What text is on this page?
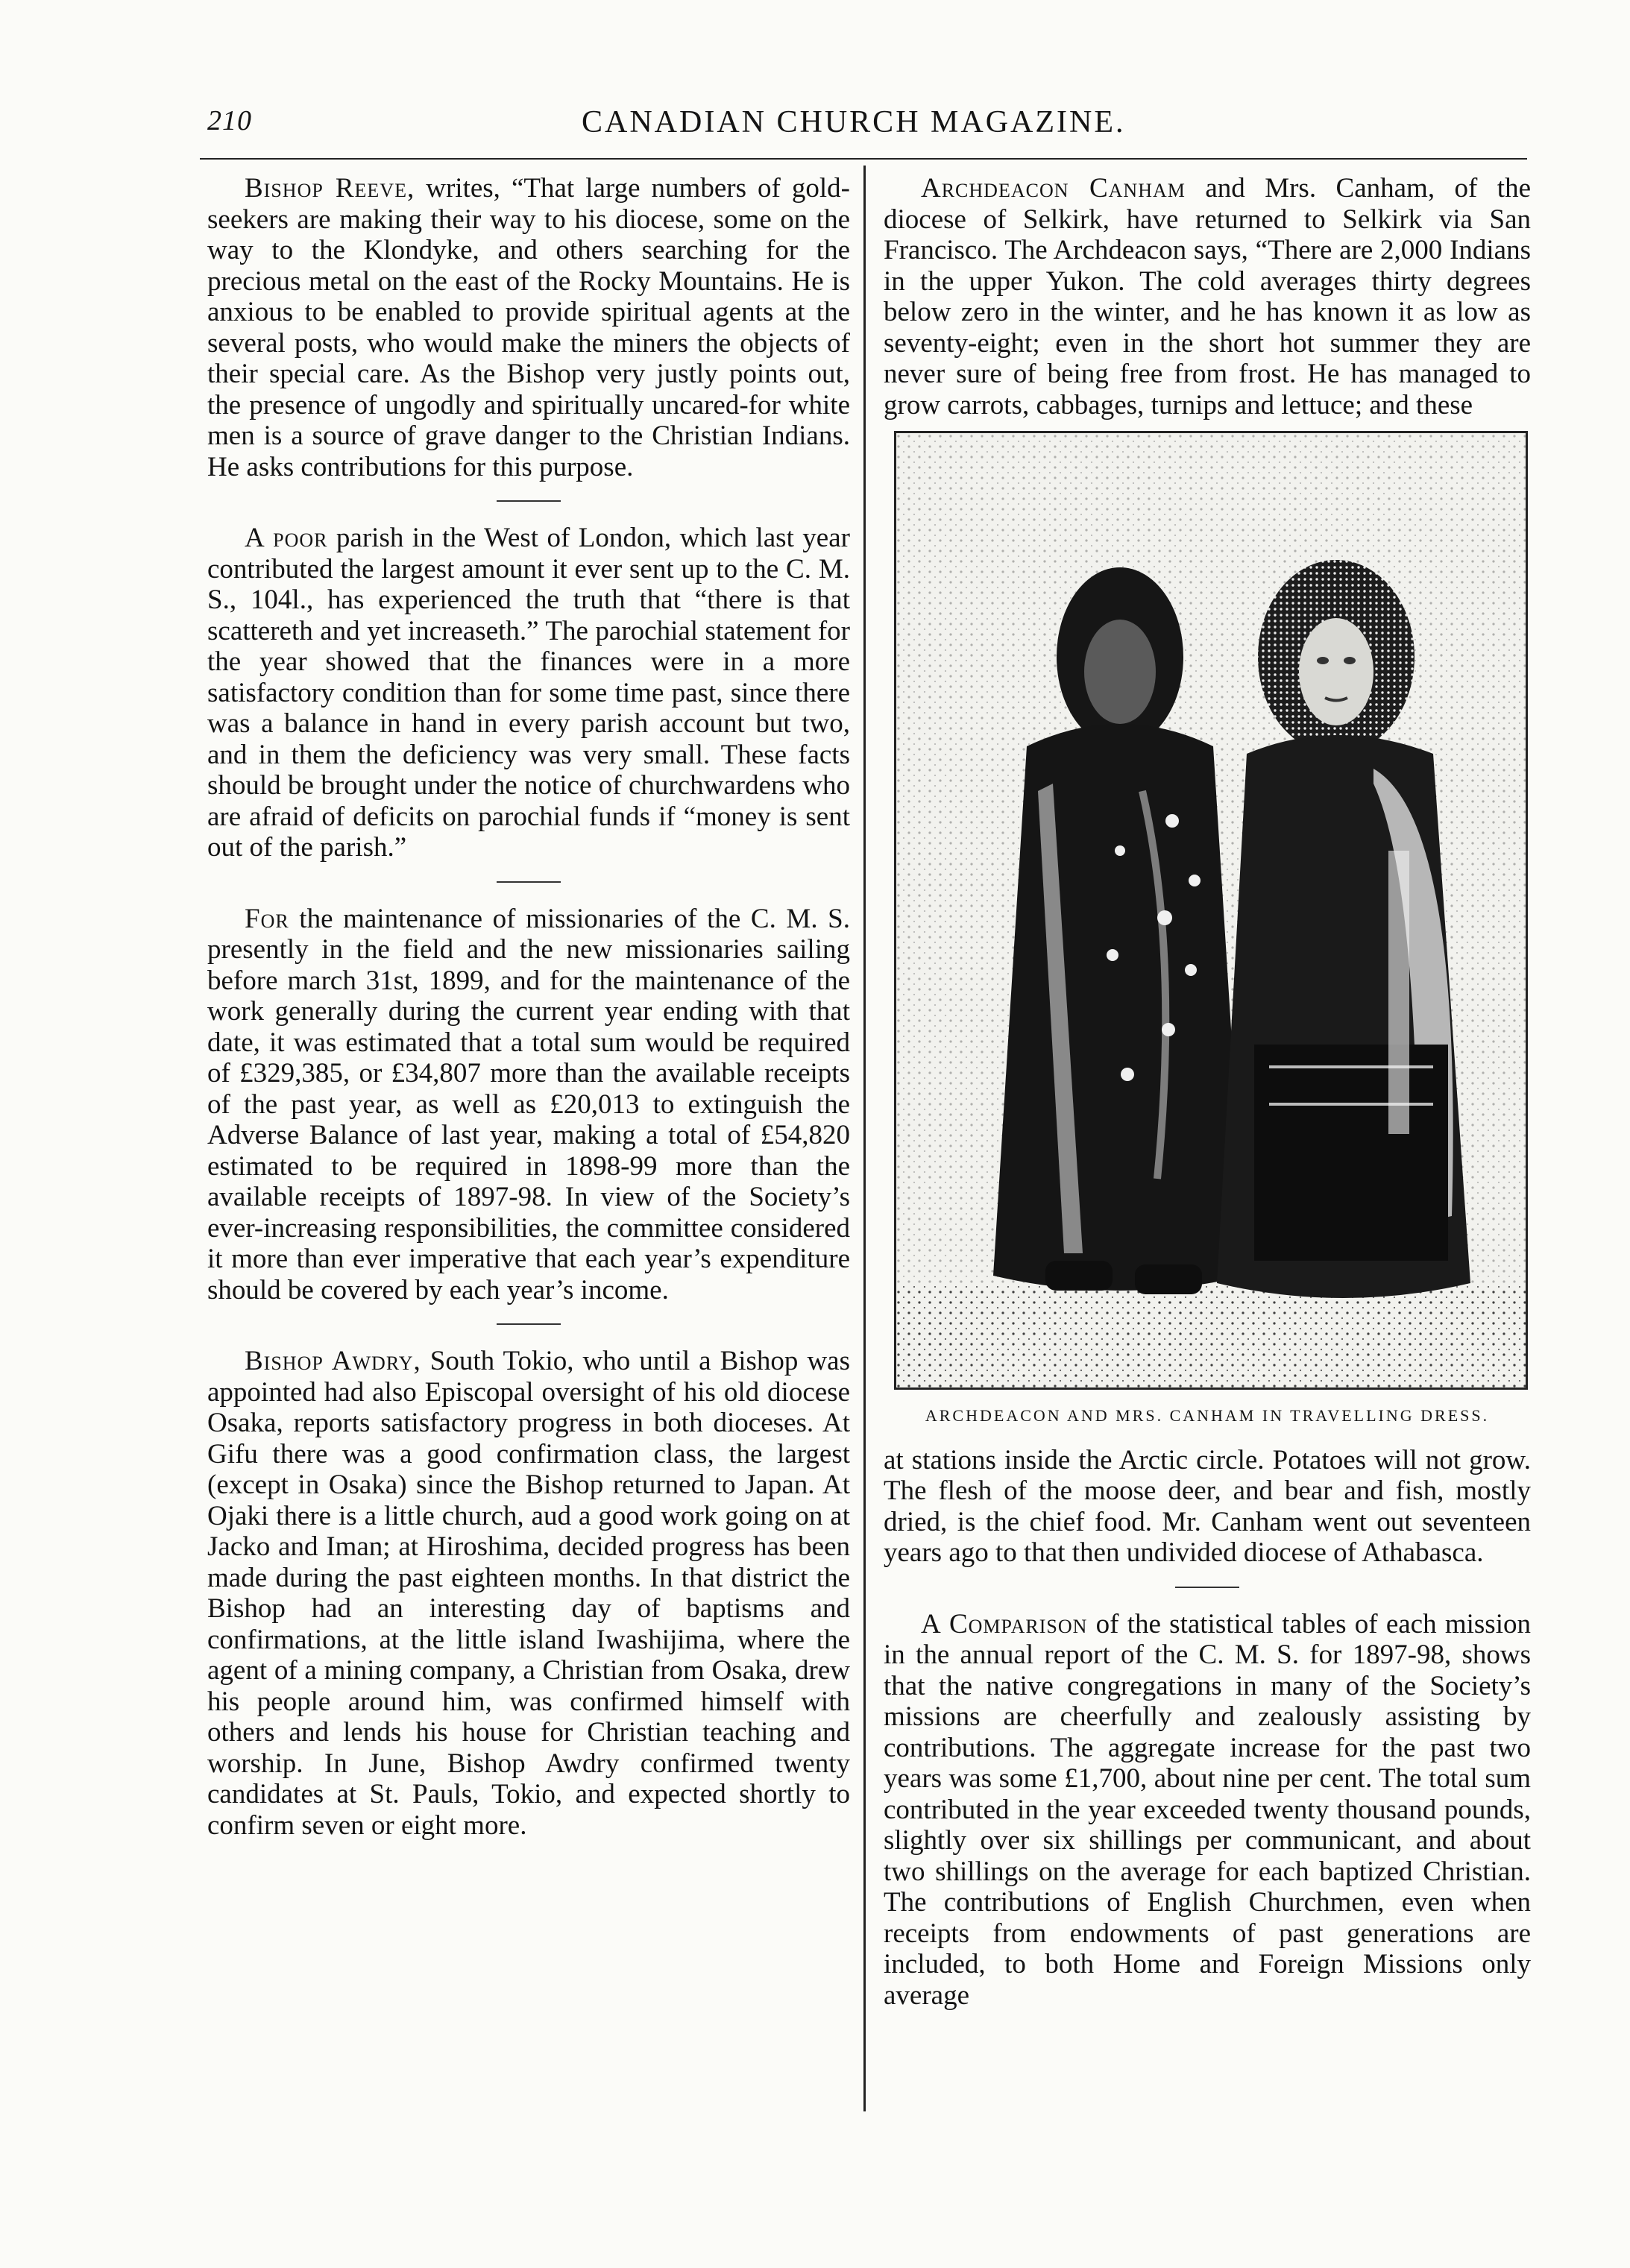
210	CANADIAN CHURCH MAGAZINE.

Bishop Reeve, writes, “That large numbers of gold-seekers are making their way to his diocese, some on the way to the Klondyke, and others searching for the precious metal on the east of the Rocky Mountains. He is anxious to be enabled to provide spiritual agents at the several posts, who would make the miners the objects of their special care. As the Bishop very justly points out, the presence of ungodly and spiritually uncared-for white men is a source of grave danger to the Christian Indians. He asks contributions for this purpose.

A poor parish in the West of London, which last year contributed the largest amount it ever sent up to the C. M. S., 104l., has experienced the truth that “there is that scattereth and yet increaseth.” The parochial statement for the year showed that the finances were in a more satisfactory condition than for some time past, since there was a balance in hand in every parish account but two, and in them the deficiency was very small. These facts should be brought under the notice of churchwardens who are afraid of deficits on parochial funds if “money is sent out of the parish.”

For the maintenance of missionaries of the C. M. S. presently in the field and the new missionaries sailing before march 31st, 1899, and for the maintenance of the work generally during the current year ending with that date, it was estimated that a total sum would be required of £329,385, or £34,807 more than the available receipts of the past year, as well as £20,013 to extinguish the Adverse Balance of last year, making a total of £54,820 estimated to be required in 1898-99 more than the available receipts of 1897-98. In view of the Society’s ever-increasing responsibilities, the committee considered it more than ever imperative that each year’s expenditure should be covered by each year’s income.

Bishop Awdry, South Tokio, who until a Bishop was appointed had also Episcopal oversight of his old diocese Osaka, reports satisfactory progress in both dioceses. At Gifu there was a good confirmation class, the largest (except in Osaka) since the Bishop returned to Japan. At Ojaki there is a little church, aud a good work going on at Jacko and Iman; at Hiroshima, decided progress has been made during the past eighteen months. In that district the Bishop had an interesting day of baptisms and confirmations, at the little island Iwashijima, where the agent of a mining company, a Christian from Osaka, drew his people around him, was confirmed himself with others and lends his house for Christian teaching and worship. In June, Bishop Awdry confirmed twenty candidates at St. Pauls, Tokio, and expected shortly to confirm seven or eight more.

Archdeacon Canham and Mrs. Canham, of the diocese of Selkirk, have returned to Selkirk via San Francisco. The Archdeacon says, “There are 2,000 Indians in the upper Yukon. The cold averages thirty degrees below zero in the winter, and he has known it as low as seventy-eight; even in the short hot summer they are never sure of being free from frost. He has managed to grow carrots, cabbages, turnips and lettuce; and these

ARCHDEACON AND MRS. CANHAM IN TRAVELLING DRESS.

at stations inside the Arctic circle. Potatoes will not grow. The flesh of the moose deer, and bear and fish, mostly dried, is the chief food. Mr. Canham went out seventeen years ago to that then undivided diocese of Athabasca.

A Comparison of the statistical tables of each mission in the annual report of the C. M. S. for 1897-98, shows that the native congregations in many of the Society’s missions are cheerfully and zealously assisting by contributions. The aggregate increase for the past two years was some £1,700, about nine per cent. The total sum contributed in the year exceeded twenty thousand pounds, slightly over six shillings per communicant, and about two shillings on the average for each baptized Christian. The contributions of English Churchmen, even when receipts from endowments of past generations are included, to both Home and Foreign Missions only average
